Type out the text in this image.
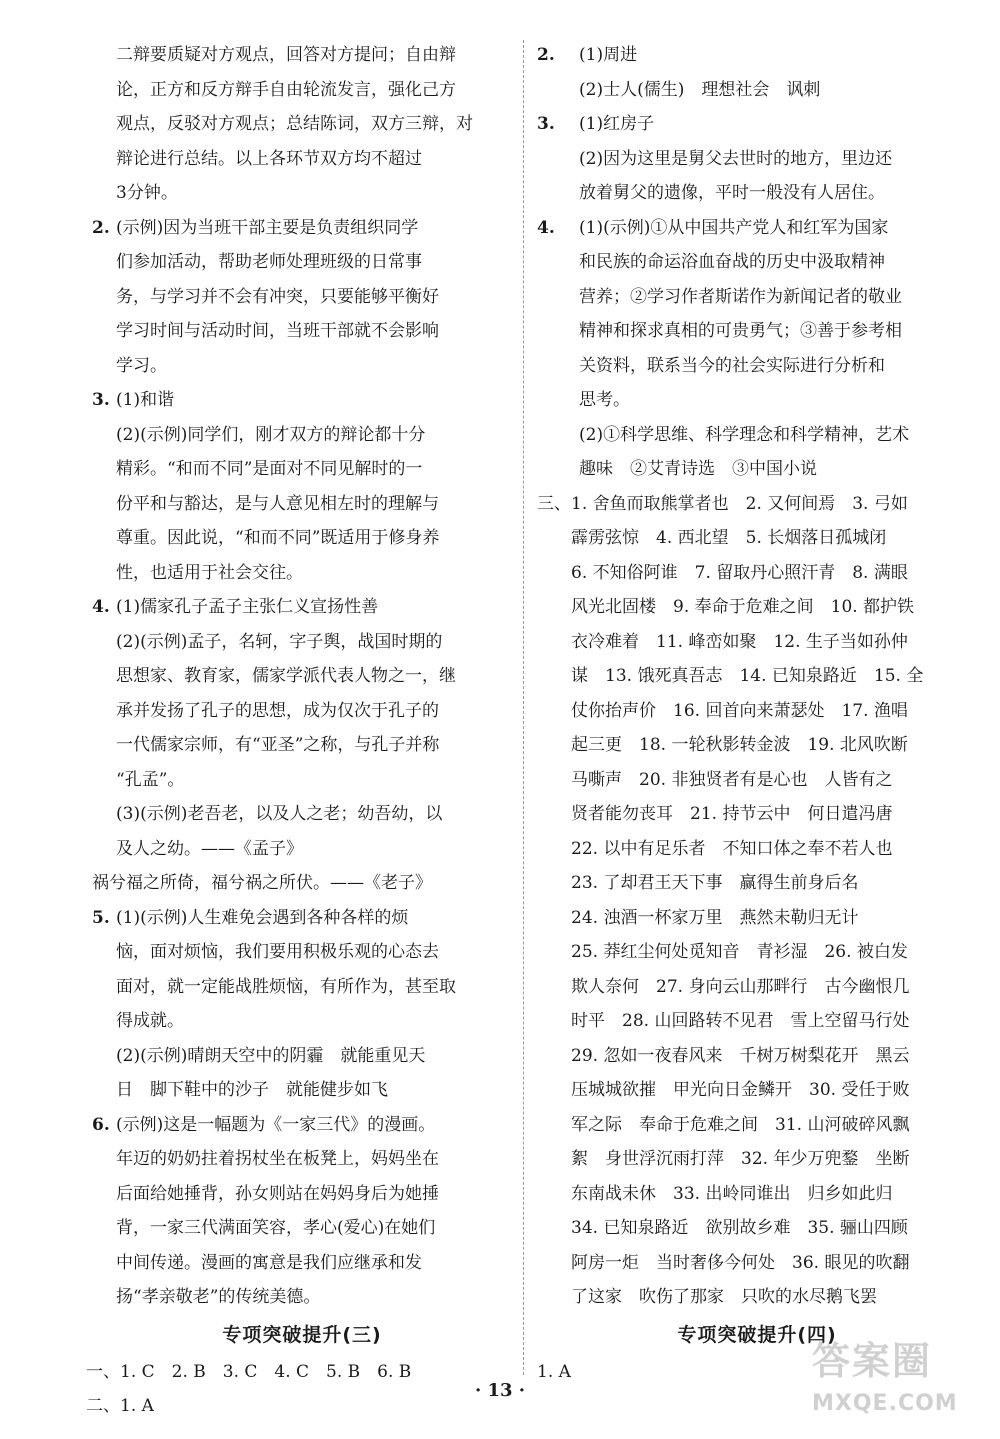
二辩要质疑对方观点，回答对方提问；自由辩
论，正方和反方辩手自由轮流发言，强化己方
观点，反驳对方观点；总结陈词，双方三辩，对
辩论进行总结。以上各环节双方均不超过
3分钟。
2. (示例)因为当班干部主要是负责组织同学
们参加活动，帮助老师处理班级的日常事
务，与学习并不会有冲突，只要能够平衡好
学习时间与活动时间，当班干部就不会影响
学习。
3. (1)和谐
(2)(示例)同学们，刚才双方的辩论都十分
精彩。“和而不同”是面对不同见解时的一
份平和与豁达，是与人意见相左时的理解与
尊重。因此说，“和而不同”既适用于修身养
性，也适用于社会交往。
4. (1)儒家孔子孟子主张仁义宣扬性善
(2)(示例)孟子，名轲，字子舆，战国时期的
思想家、教育家，儒家学派代表人物之一，继
承并发扬了孔子的思想，成为仅次于孔子的
一代儒家宗师，有“亚圣”之称，与孔子并称
“孔孟”。
(3)(示例)老吾老，以及人之老；幼吾幼，以
及人之幼。——《孟子》
祸兮福之所倚，福兮祸之所伏。——《老子》
5. (1)(示例)人生难免会遇到各种各样的烦
恼，面对烦恼，我们要用积极乐观的心态去
面对，就一定能战胜烦恼，有所作为，甚至取
得成就。
(2)(示例)晴朗天空中的阴霾　就能重见天
日　脚下鞋中的沙子　就能健步如飞
6. (示例)这是一幅题为《一家三代》的漫画。
年迈的奶奶拄着拐杖坐在板凳上，妈妈坐在
后面给她捶背，孙女则站在妈妈身后为她捶
背，一家三代满面笑容，孝心(爱心)在她们
中间传递。漫画的寓意是我们应继承和发
扬“孝亲敬老”的传统美德。
专项突破提升(三)
一、1. C　2. B　3. C　4. C　5. B　6. B
二、1. A
2. (1)周进
(2)士人(儒生)　理想社会　讽刺
3. (1)红房子
(2)因为这里是舅父去世时的地方，里边还
放着舅父的遗像，平时一般没有人居住。
4. (1)(示例)①从中国共产党人和红军为国家
和民族的命运浴血奋战的历史中汲取精神
营养；②学习作者斯诺作为新闻记者的敬业
精神和探求真相的可贵勇气；③善于参考相
关资料，联系当今的社会实际进行分析和
思考。
(2)①科学思维、科学理念和科学精神，艺术
趣味　②艾青诗选　③中国小说
三、1. 舍鱼而取熊掌者也　2. 又何间焉　3. 弓如
霹雳弦惊　4. 西北望　5. 长烟落日孤城闭
6. 不知俗阿谁　7. 留取丹心照汗青　8. 满眼
风光北固楼　9. 奉命于危难之间　10. 都护铁
衣冷难着　11. 峰峦如聚　12. 生子当如孙仲
谋　13. 饿死真吾志　14. 已知泉路近　15. 全
仗你抬声价　16. 回首向来萧瑟处　17. 渔唱
起三更　18. 一轮秋影转金波　19. 北风吹断
马嘶声　20. 非独贤者有是心也　人皆有之
贤者能勿丧耳　21. 持节云中　何日遣冯唐
22. 以中有足乐者　不知口体之奉不若人也
23. 了却君王天下事　赢得生前身后名
24. 浊酒一杯家万里　燕然未勒归无计
25. 莽红尘何处觅知音　青衫湿　26. 被白发
欺人奈何　27. 身向云山那畔行　古今幽恨几
时平　28. 山回路转不见君　雪上空留马行处
29. 忽如一夜春风来　千树万树梨花开　黑云
压城城欲摧　甲光向日金鳞开　30. 受任于败
军之际　奉命于危难之间　31. 山河破碎风飘
絮　身世浮沉雨打萍　32. 年少万兜鍪　坐断
东南战未休　33. 出岭同谁出　归乡如此归
34. 已知泉路近　欲别故乡难　35. 骊山四顾
阿房一炬　当时奢侈今何处　36. 眼见的吹翻
了这家　吹伤了那家　只吹的水尽鹅飞罢
专项突破提升(四)
1. A
· 13 ·
答案圈
MXQE.COM
